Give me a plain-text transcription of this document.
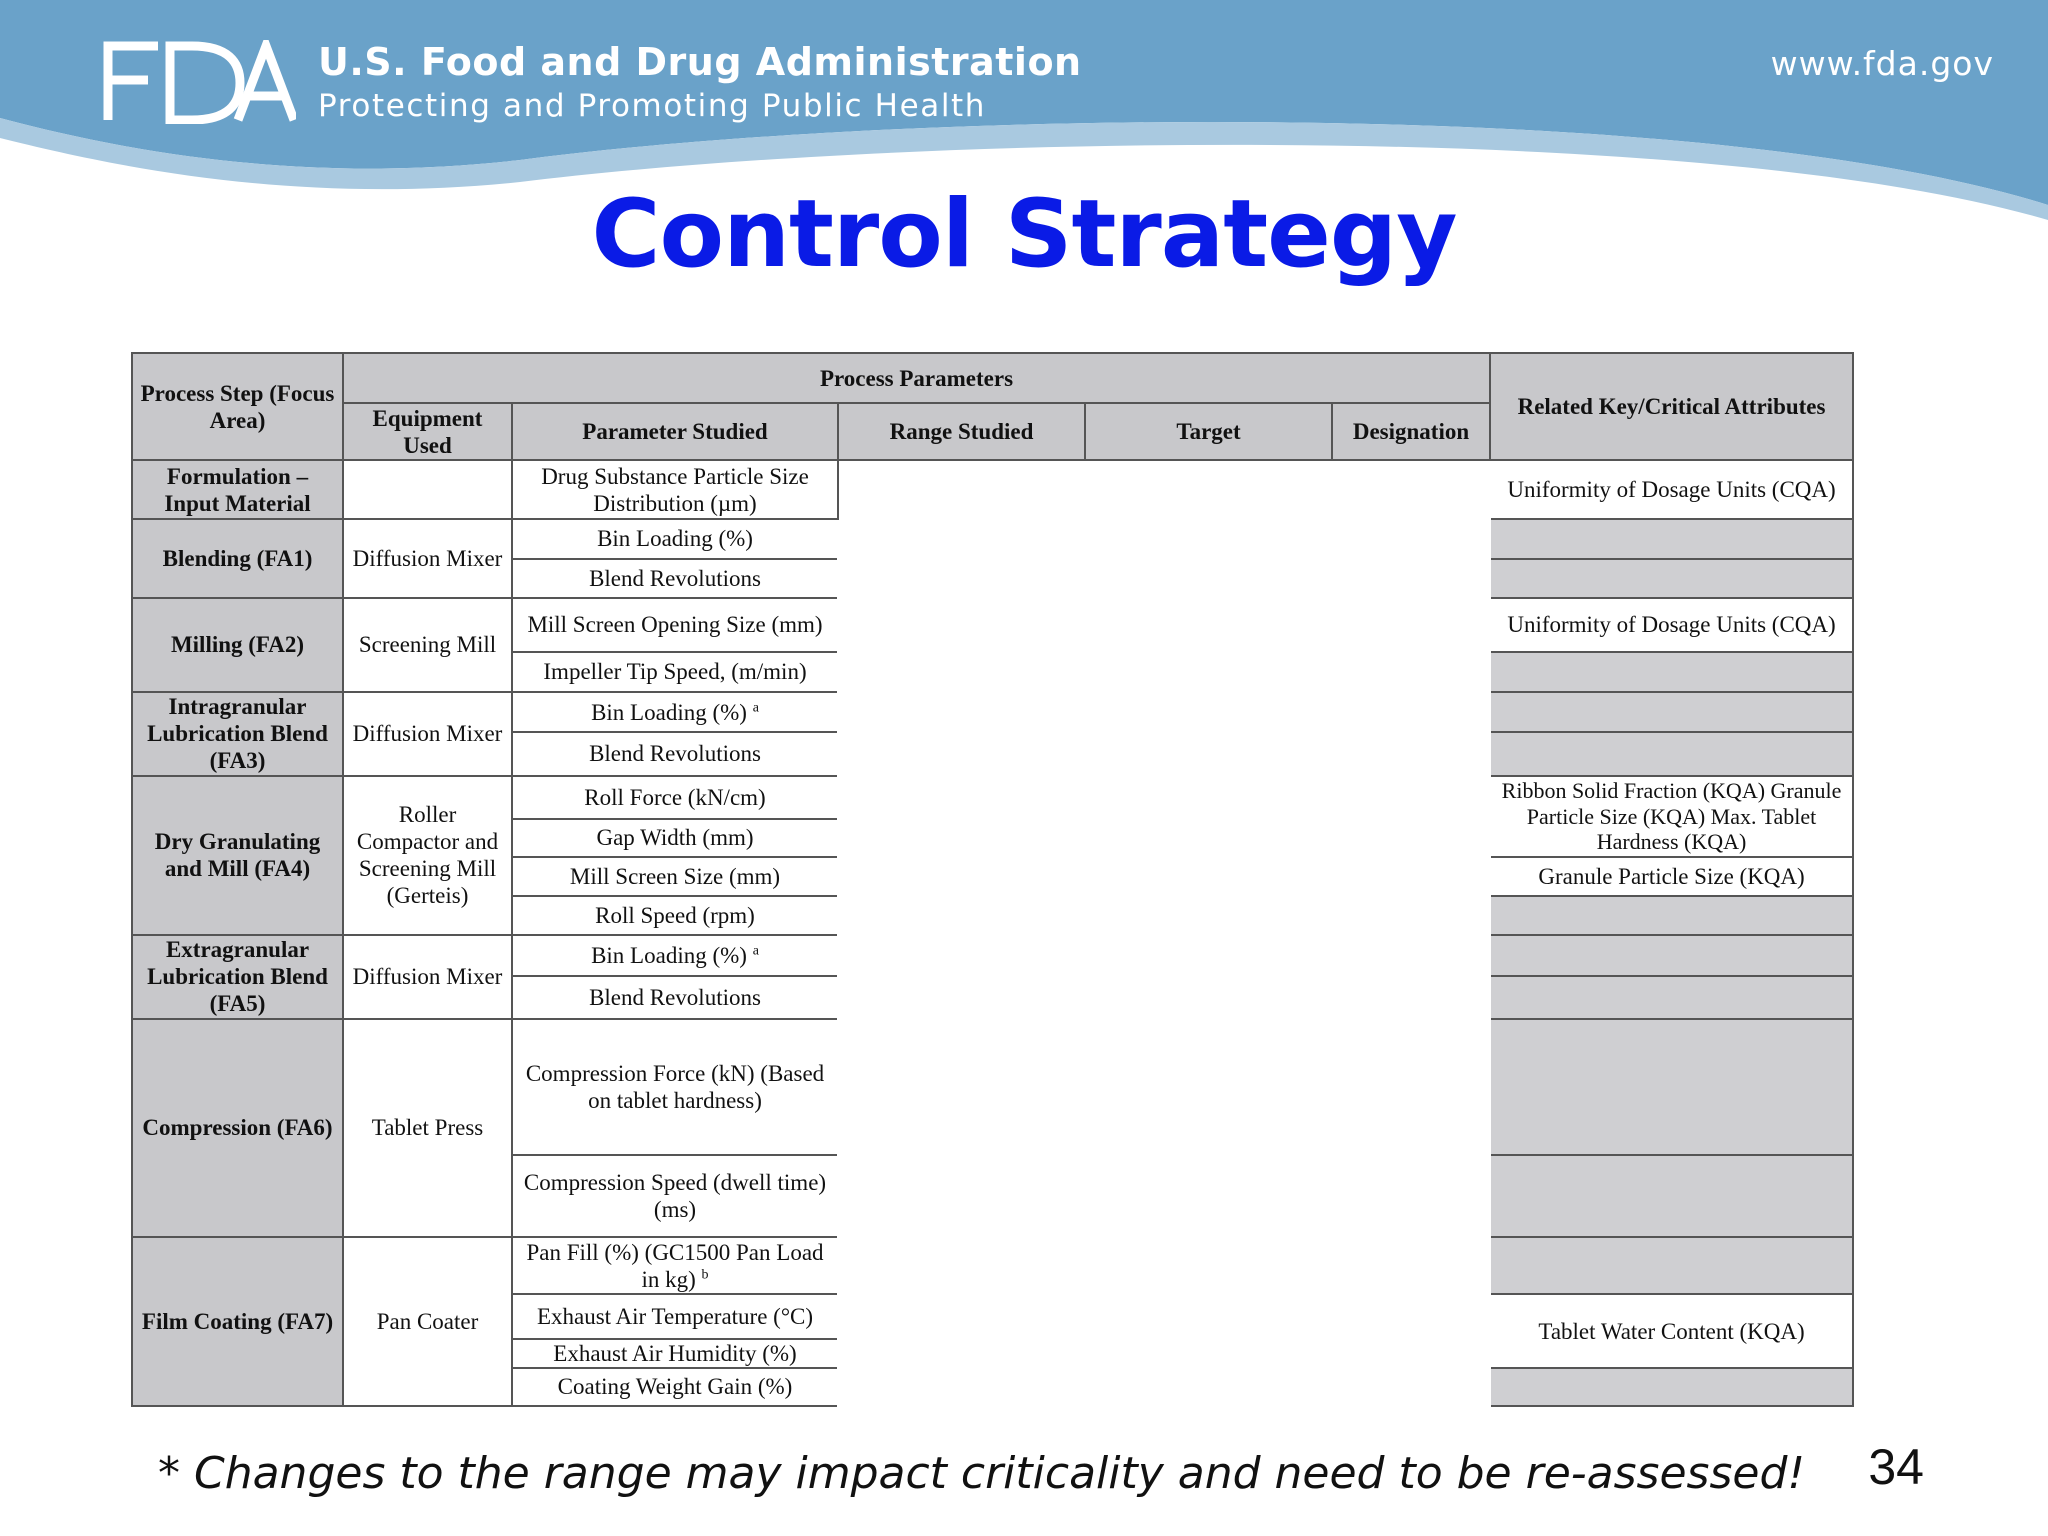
U.S. Food and Drug Administration
Protecting and Promoting Public Health
www.fda.gov
Control Strategy
Process Step (Focus Area)	Process Parameters					Related Key/Critical Attributes
	Equipment Used	Parameter Studied	Range Studied	Target	Designation	
Formulation – Input Material		Drug Substance Particle Size Distribution (µm)				Uniformity of Dosage Units (CQA)
Blending (FA1)	Diffusion Mixer	Bin Loading (%)				
		Blend Revolutions				
Milling (FA2)	Screening Mill	Mill Screen Opening Size (mm)				Uniformity of Dosage Units (CQA)
		Impeller Tip Speed, (m/min)				
Intragranular Lubrication Blend (FA3)	Diffusion Mixer	Bin Loading (%) $^a$	
		Blend Revolutions				
Dry Granulating and Mill (FA4)	Roller Compactor and Screening Mill (Gerteis)	Roll Force (kN/cm)				Ribbon Solid Fraction (KQA) Granule Particle Size (KQA) Max. Tablet Hardness (KQA)
		Gap Width (mm)				
		Mill Screen Size (mm)				Granule Particle Size (KQA)
		Roll Speed (rpm)				
Extragranular Lubrication Blend (FA5)	Diffusion Mixer	Bin Loading (%) $^a$	
		Blend Revolutions				
Compression (FA6)	Tablet Press	Compression Force (kN) (Based on tablet hardness)				
		Compression Speed (dwell time) (ms)				
Film Coating (FA7)	Pan Coater	Pan Fill (%) (GC1500 Pan Load in kg) $^b$	
		Exhaust Air Temperature (°C)				Tablet Water Content (KQA)
		Exhaust Air Humidity (%)				
		Coating Weight Gain (%)				
* Changes to the range may impact criticality and need to be re-assessed! 34
